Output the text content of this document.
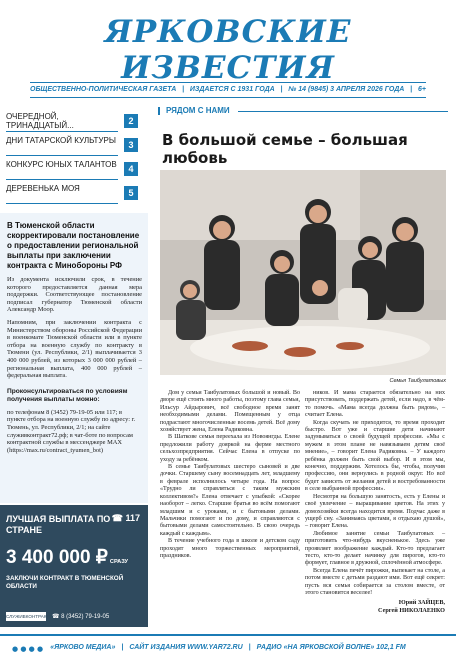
ЯРКОВСКИЕ ИЗВЕСТИЯ
ОБЩЕСТВЕННО-ПОЛИТИЧЕСКАЯ ГАЗЕТА | ИЗДАЕТСЯ С 1931 ГОДА | № 14 (9845) 3 АПРЕЛЯ 2026 ГОДА | 6+
ОЧЕРЕДНОЙ, ТРИНАДЦАТЫЙ...	2
ДНИ ТАТАРСКОЙ КУЛЬТУРЫ	3
КОНКУРС ЮНЫХ ТАЛАНТОВ	4
ДЕРЕВЕНЬКА МОЯ	5
В Тюменской области скорректировали постановление о предоставлении региональной выплаты при заключении контракта с Минобороны РФ

Из документа исключили срок, в течение которого предоставляется данная мера поддержки. Соответствующее постановление подписал губернатор Тюменской области Александр Моор.

Напомним, при заключении контракта с Министерством обороны Российской Федерации в военкомате Тюменской области или в пункте отбора на военную службу по контракту в Тюмени (ул. Республики, 2/1) выплачивается 3 400 000 рублей, из которых 3 000 000 рублей – региональная выплата, 400 000 рублей – федеральная выплата.

Проконсультироваться по условиям получения выплаты можно:

по телефонам 8 (3452) 79-19-05 или 117; в пункте отбора на военную службу по адресу: г. Тюмень, ул. Республики, 2/1; на сайте служивконтракт72.рф; в чат-боте по вопросам контрактной службы в мессенджере MAX (https://max.ru/contract_tyumen_bot)

ЛУЧШАЯ ВЫПЛАТА ПО СТРАНЕ
☎ 117
3 400 000 ₽ СРАЗУ
ЗАКЛЮЧИ КОНТРАКТ В ТЮМЕНСКОЙ ОБЛАСТИ
СЛУЖИВКОНТРАКТ72.РФ
☎ 8 (3452) 79-19-05
РЯДОМ С НАМИ
В большой семье – большая любовь
Семья Таибулатовых

Дом у семьи Таибулатовых большой и новый. Во дворе ещё стоять много работы, поэтому глава семьи, Ильсур Айдырович, всё свободное время занят необходимыми делами. Помещенным у отца подрастают многочисленные восемь детей. Всё дому хозяйствует жена, Елена Радиковна.

В Шаткове семья переехала из Новоянгды. Елене предложили работу дояркой на ферме местного сельхозпредприятия. Сейчас Елена в отпуске по уходу за ребёнком.

В семье Таибулатовых шестеро сыновей и две дочки. Старшему сыну восемнадцать лет, младшему в феврале исполнилось четыре года. На вопрос «Трудно ли справляться с таким мужским коллективом?» Елена отвечает с улыбкой: «Скорее наоборот – легко. Старшие братья во всём помогают младшим и с уроками, и с бытовыми делами. Мальчики помогают и по дому, и справляются с бытовыми делами самостоятельно. В свою очередь каждый с каждым».

В течение учебного года в школе и детском саду проходят много торжественных мероприятий, праздников.

ников. И мама старается обязательно на них присутствовать, поддержать детей, если надо, в чём-то помочь. «Мама всегда должна быть рядом», – считает Елена.

Когда скучать не приходится, то время проходит быстро. Вот уже и старшие дети начинают задумываться о своей будущей профессии. «Мы с мужем в этом плане не навязываем детям своё мнение», – говорит Елена Радиковна. – У каждого ребёнка должен быть свой выбор. И в этом мы, конечно, поддержим. Хотелось бы, чтобы, получив профессию, они вернулись в родной округ. Но всё будет зависеть от желания детей и востребованности в селе выбранной профессии».

Несмотря на большую занятость, есть у Елены и своё увлечение – выращивание цветов. На этих у домохозяйки всегда находится время. Подчас даже в ущерб сну. «Занимаясь цветами, я отдыхаю душой», – говорит Елена.

Любимое занятие семьи Таибулатовых – приготовить что-нибудь вкусненькое. Здесь уже проявляет воображение каждый. Кто-то предлагает тесто, кто-то делает начинку для пирогов, кто-то формует, главное в дружной, сплочённой атмосфере.

Всегда Елена печёт пирожки, выпекает на столе, а потом вместе с детьми раздают ими. Вот ещё секрет: пусть вся семья собирается за столом вместе, от этого становится веселее!

Юрий ЗАЙЦЕВ,
Сергей НИКОЛАЕНКО
● ● ● ● «ЯРКОВО МЕДИА» | САЙТ ИЗДАНИЯ WWW.YAR72.RU | РАДИО «НА ЯРКОВСКОЙ ВОЛНЕ» 102,1 FM
